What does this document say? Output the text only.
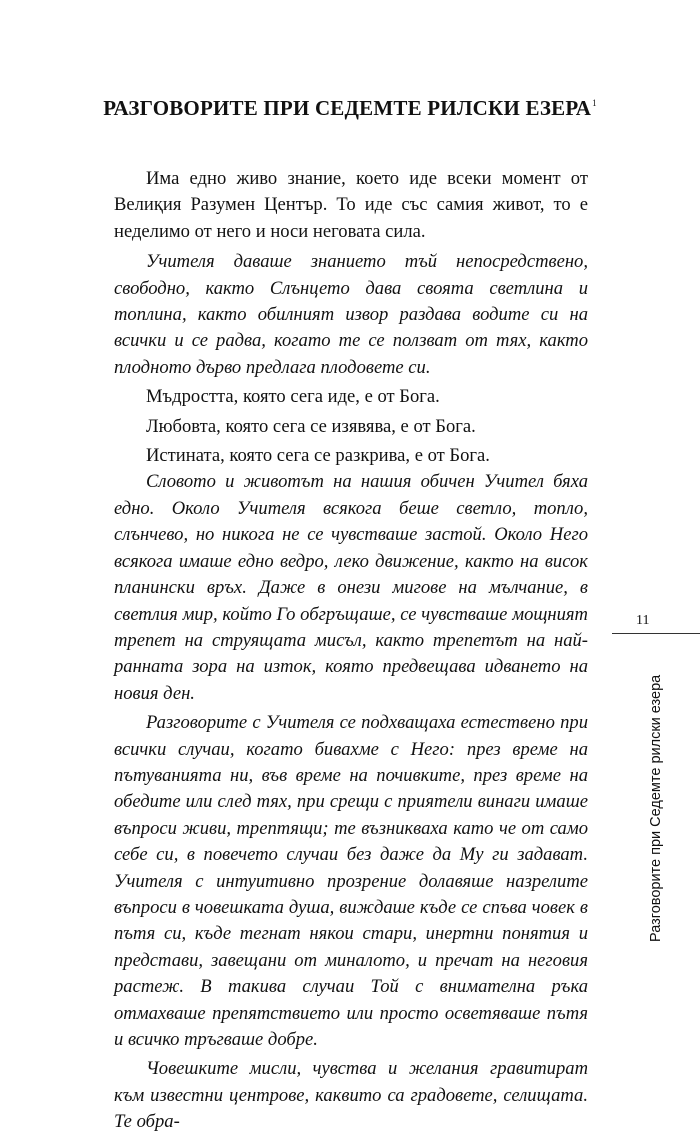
РАЗГОВОРИТЕ ПРИ СЕДЕМТЕ РИЛСКИ ЕЗЕРА$^1$

Има едно живо знание, което иде всеки момент от Велиқия Разумен Център. То иде със самия живот, то е неделимо от него и носи неговата сила.

Учителя даваше знанието тъй непосредствено, свободно, както Слънцето дава своята светлина и топлина, както обилният извор раздава водите си на всички и се радва, когато те се ползват от тях, както плодното дърво предлага плодовете си.

Мъдростта, която сега иде, е от Бога.

Любовта, която сега се изявява, е от Бога.

Истината, която сега се разкрива, е от Бога.

Словото и животът на нашия обичен Учител бяха едно. Около Учителя всякога беше светло, топло, слънчево, но никога не се чувстваше застой. Около Него всякога имаше едно ведро, леко движение, както на висок планински връх. Даже в онези мигове на мълчание, в светлия мир, който Го обгръщаше, се чувстваше мощният трепет на струящата мисъл, както трепетът на най-ранната зора на изток, която предвещава идването на новия ден.

Разговорите с Учителя се подхващаха естествено при всички случаи, когато бивахме с Него: през време на пътуванията ни, във време на почивките, през време на обедите или след тях, при срещи с приятели винаги имаше въпроси живи, трептящи; те възникваха като че от само себе си, в повечето случаи без даже да Му ги задават. Учителя с интуитивно прозрение долавяше назрелите въпроси в човешката душа, виждаше къде се спъва човек в пътя си, къде тегнат някои стари, инертни понятия и представи, завещани от миналото, и пречат на неговия растеж. В такива случаи Той с внимателна ръка отмахваше препятствието или просто осветяваше пътя и всичко тръгваше добре.

Човешките мисли, чувства и желания гравитират към известни центрове, каквито са градовете, селищата. Те обра-

11
Разговорите при Седемте рилски езера
